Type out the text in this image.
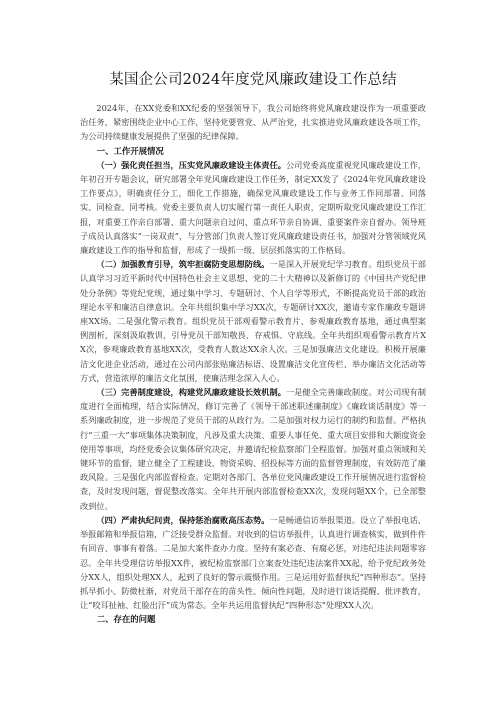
某国企公司2024年度党风廉政建设工作总结

2024年，在XX党委和XX纪委的坚强领导下，我公司始终将党风廉政建设作为一项重要政治任务，紧密围绕企业中心工作，坚持党要管党、从严治党，扎实推进党风廉政建设各项工作，为公司持续健康发展提供了坚强的纪律保障。

一、工作开展情况

（一）强化责任担当，压实党风廉政建设主体责任。公司党委高度重视党风廉政建设工作，年初召开专题会议，研究部署全年党风廉政建设工作任务，制定XX发了《2024年党风廉政建设工作要点》，明确责任分工，细化工作措施，确保党风廉政建设工作与业务工作同部署、同落实、同检查、同考核。党委主要负责人切实履行第一责任人职责，定期听取党风廉政建设工作汇报，对重要工作亲自部署、重大问题亲自过问、重点环节亲自协调、重要案件亲自督办。领导班子成员认真落实“一岗双责”，与分管部门负责人签订党风廉政建设责任书，加强对分管领域党风廉政建设工作的指导和监督，形成了一级抓一级、层层抓落实的工作格局。

（二）加强教育引导，筑牢拒腐防变思想防线。一是深入开展党纪学习教育。组织党员干部认真学习习近平新时代中国特色社会主义思想、党的二十大精神以及新修订的《中国共产党纪律处分条例》等党纪党规，通过集中学习、专题研讨、个人自学等形式，不断提高党员干部的政治理论水平和廉洁自律意识。全年共组织集中学习XX次，专题研讨XX次，邀请专家作廉政专题讲座XX场。二是强化警示教育。组织党员干部观看警示教育片、参观廉政教育基地，通过典型案例剖析，深刻汲取教训，引导党员干部知敬畏、存戒惧、守底线。全年共组织观看警示教育片XX次，参观廉政教育基地XX次，受教育人数达XX余人次。三是加强廉洁文化建设。积极开展廉洁文化进企业活动，通过在公司内部张贴廉洁标语、设置廉洁文化宣传栏、举办廉洁文化活动等方式，营造浓厚的廉洁文化氛围，使廉洁理念深入人心。

（三）完善制度建设，构建党风廉政建设长效机制。一是健全完善廉政制度。对公司现有制度进行全面梳理，结合实际情况，修订完善了《领导干部述职述廉制度》《廉政谈话制度》等一系列廉政制度，进一步规范了党员干部的从政行为。二是加强对权力运行的制约和监督。严格执行“三重一大”事项集体决策制度，凡涉及重大决策、重要人事任免、重大项目安排和大额度资金使用等事项，均经党委会议集体研究决定，并邀请纪检监察部门全程监督。加强对重点领域和关键环节的监督，建立健全了工程建设、物资采购、招投标等方面的监督管理制度，有效防范了廉政风险。三是强化内部监督检查。定期对各部门、各单位党风廉政建设工作开展情况进行监督检查，及时发现问题，督促整改落实。全年共开展内部监督检查XX次，发现问题XX个，已全部整改到位。

（四）严肃执纪问责，保持惩治腐败高压态势。一是畅通信访举报渠道。设立了举报电话、举报邮箱和举报信箱，广泛接受群众监督。对收到的信访举报件，认真进行调查核实，做到件件有回音、事事有着落。二是加大案件查办力度。坚持有案必查、有腐必惩，对违纪违法问题零容忍。全年共受理信访举报XX件，被纪检监察部门立案查处违纪违法案件XX起，给予党纪政务处分XX人，组织处理XX人，起到了良好的警示震慑作用。三是运用好监督执纪“四种形态”。坚持抓早抓小、防微杜渐，对党员干部存在的苗头性、倾向性问题，及时进行谈话提醒、批评教育，让“咬耳扯袖、红脸出汗”成为常态。全年共运用监督执纪“四种形态”处理XX人次。

二、存在的问题
